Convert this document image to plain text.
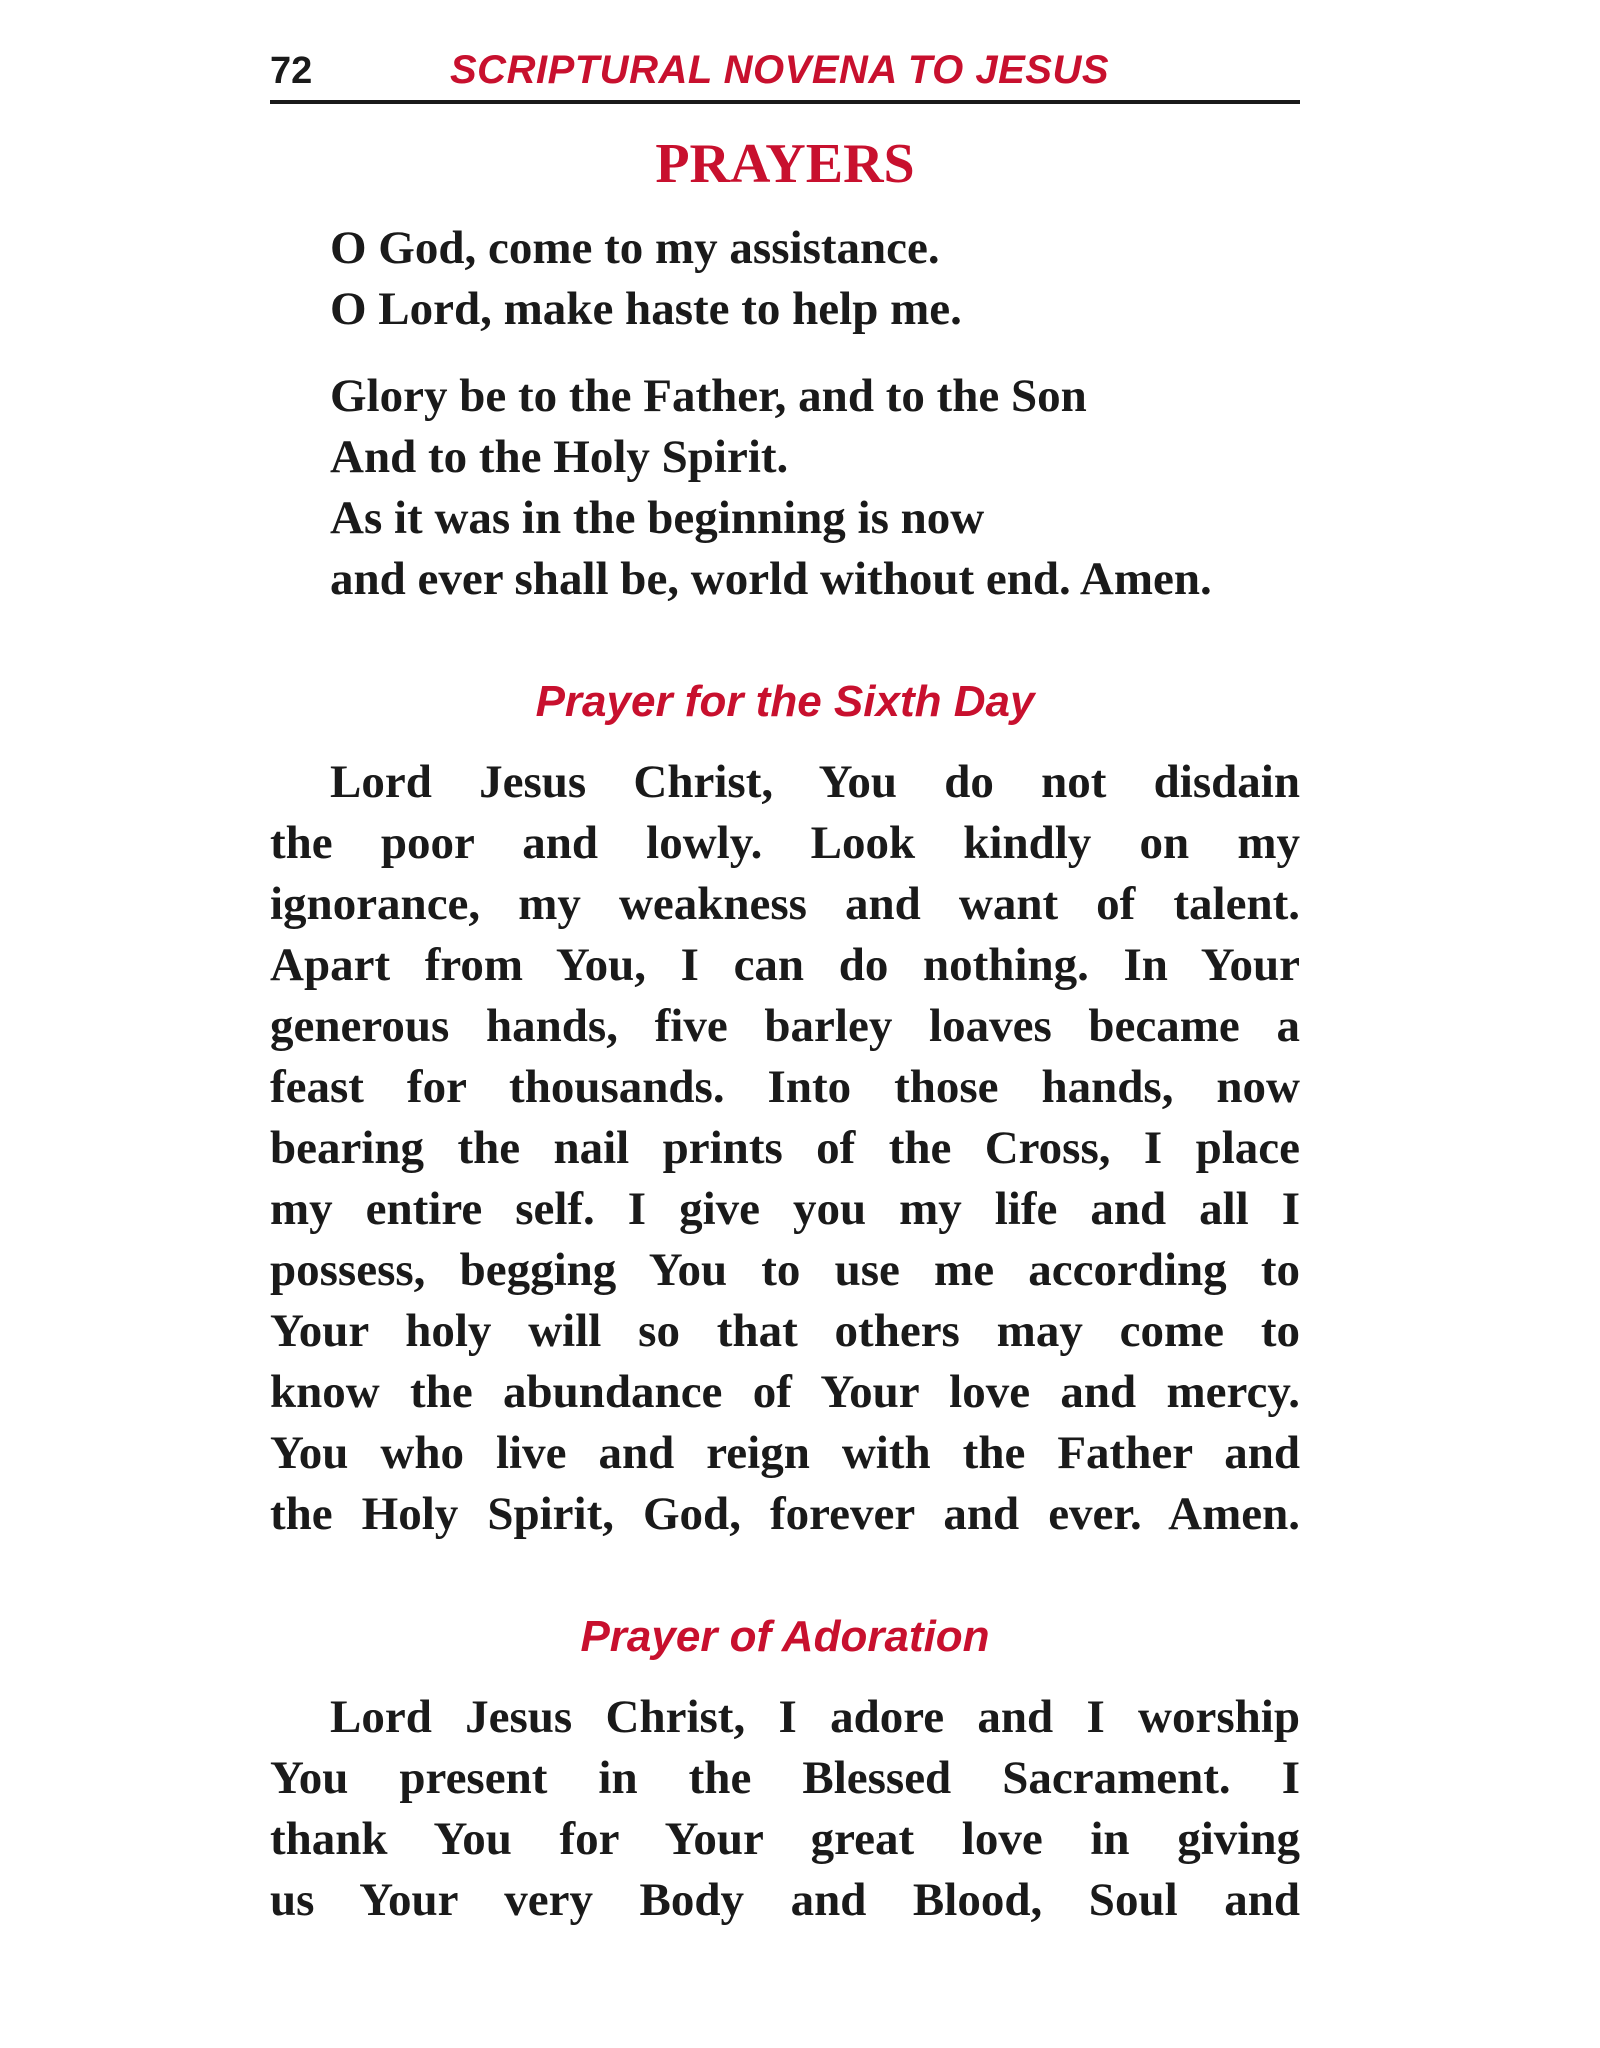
72	SCRIPTURAL NOVENA TO JESUS
PRAYERS
O God, come to my assistance.
O Lord, make haste to help me.
Glory be to the Father, and to the Son
And to the Holy Spirit.
As it was in the beginning is now
and ever shall be, world without end. Amen.
Prayer for the Sixth Day
Lord Jesus Christ, You do not disdain
the poor and lowly. Look kindly on my
ignorance, my weakness and want of talent.
Apart from You, I can do nothing. In Your
generous hands, five barley loaves became a
feast for thousands. Into those hands, now
bearing the nail prints of the Cross, I place
my entire self. I give you my life and all I
possess, begging You to use me according to
Your holy will so that others may come to
know the abundance of Your love and mercy.
You who live and reign with the Father and
the Holy Spirit, God, forever and ever. Amen.
Prayer of Adoration
Lord Jesus Christ, I adore and I worship
You present in the Blessed Sacrament. I
thank You for Your great love in giving
us Your very Body and Blood, Soul and
